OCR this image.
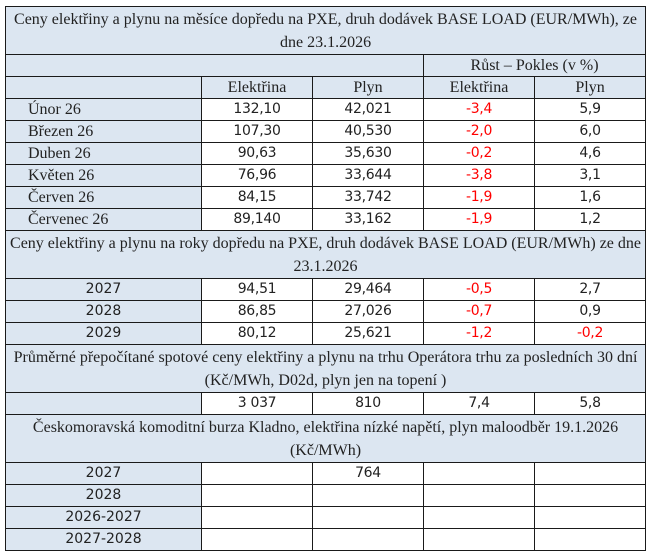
Ceny elektřiny a plynu na měsíce dopředu na PXE, druh dodávek BASE LOAD (EUR/MWh), ze dne 23.1.2026				
			Růst – Pokles (v %)	
	Elektřina	Plyn	Elektřina	Plyn
Únor 26	132,10	42,021	-3,4	5,9
Březen 26	107,30	40,530	-2,0	6,0
Duben 26	90,63	35,630	-0,2	4,6
Květen 26	76,96	33,644	-3,8	3,1
Červen 26	84,15	33,742	-1,9	1,6
Červenec 26	89,140	33,162	-1,9	1,2
Ceny elektřiny a plynu na roky dopředu na PXE, druh dodávek BASE LOAD (EUR/MWh) ze dne 23.1.2026				
2027	94,51	29,464	-0,5	2,7
2028	86,85	27,026	-0,7	0,9
2029	80,12	25,621	-1,2	-0,2
Průměrné přepočítané spotové ceny elektřiny a plynu na trhu Operátora trhu za posledních 30 dní (Kč/MWh, D02d, plyn jen na topení )				
	3 037	810	7,4	5,8
Českomoravská komoditní burza Kladno, elektřina nízké napětí, plyn maloodběr 19.1.2026 (Kč/MWh)				
2027		764		
2028				
2026-2027				
2027-2028				
